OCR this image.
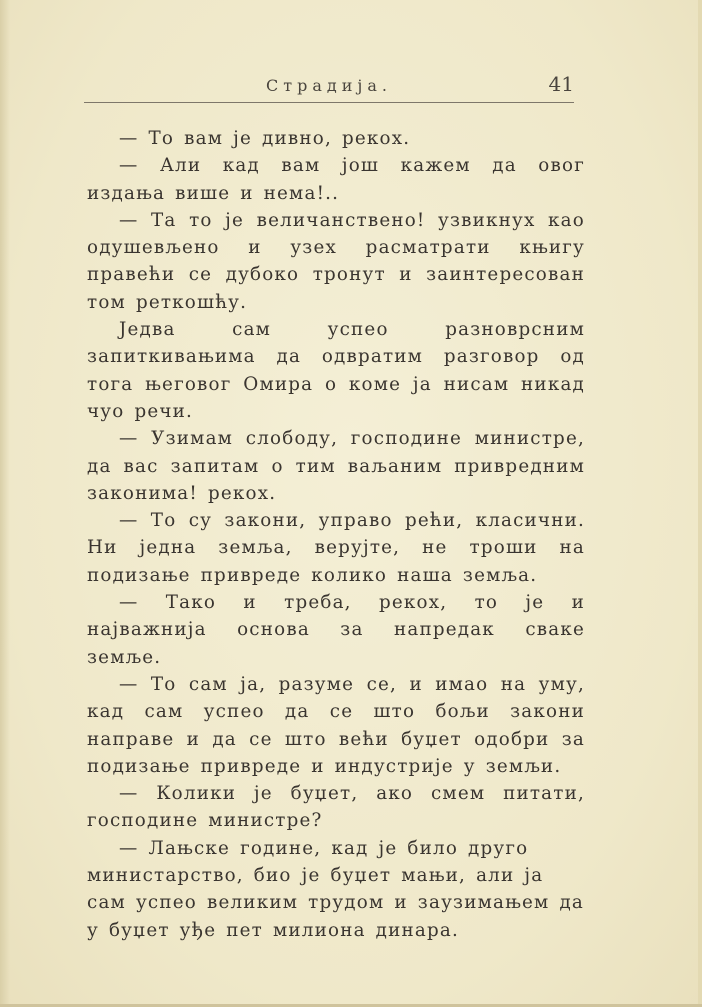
Страдија.	41

— То вам је дивно, рекох.

— Али кад вам још кажем да овог издања више и нема!..

— Та то је величанствено! узвикнух као одушевљено и узех расматрати књигу правећи се дубоко тронут и заинтересован том реткошћу.

Једва сам успео разноврсним запиткивањима да одвратим разговор од тога његовог Омира о коме ја нисам никад чуо речи.

— Узимам слободу, господине министре, да вас запитам о тим ваљаним привредним законима! рекох.

— То су закони, управо рећи, класични. Ни једна земља, верујте, не троши на подизање привреде колико наша земља.

— Тако и треба, рекох, то је и најважнија основа за напредак сваке земље.

— То сам ја, разуме се, и имао на уму, кад сам успео да се што бољи закони направе и да се што већи буџет одобри за подизање привреде и индустрије у земљи.

— Колики је буџет, ако смем питати, господине министре?

— Лањске године, кад је било друго министарство, био је буџет мањи, али ја сам успео великим трудом и заузимањем да у буџет уђе пет милиона динара.
